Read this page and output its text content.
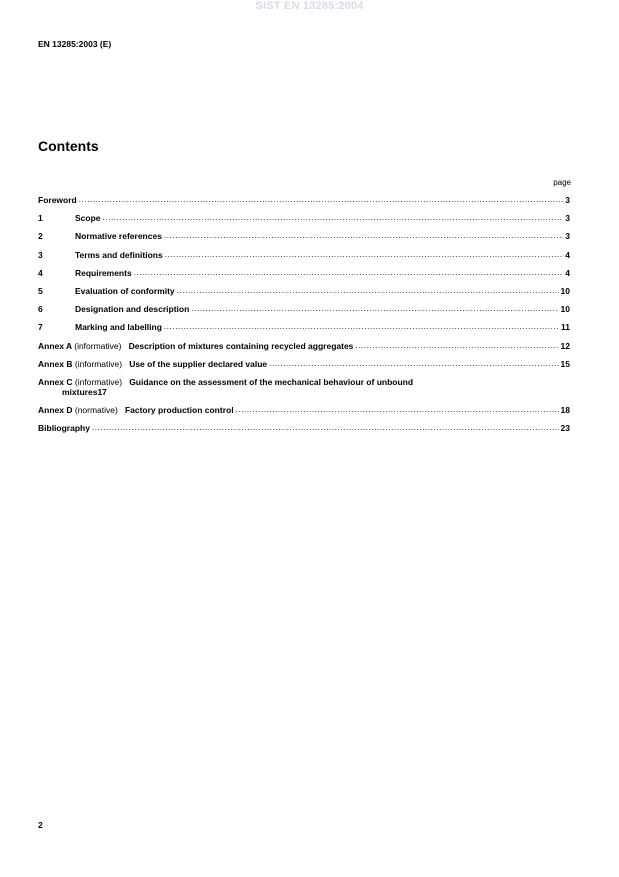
SIST EN 13285:2004
EN 13285:2003 (E)
Contents
page
Foreword .....	3
1	Scope .....	3
2	Normative references .....	3
3	Terms and definitions .....	4
4	Requirements .....	4
5	Evaluation of conformity .....	10
6	Designation and description .....	10
7	Marking and labelling .....	11
Annex A (informative) Description of mixtures containing recycled aggregates .....	12
Annex B (informative) Use of the supplier declared value .....	15
Annex C (informative) Guidance on the assessment of the mechanical behaviour of unbound
mixtures 17
Annex D (normative) Factory production control .....	18
Bibliography .....	23
2
